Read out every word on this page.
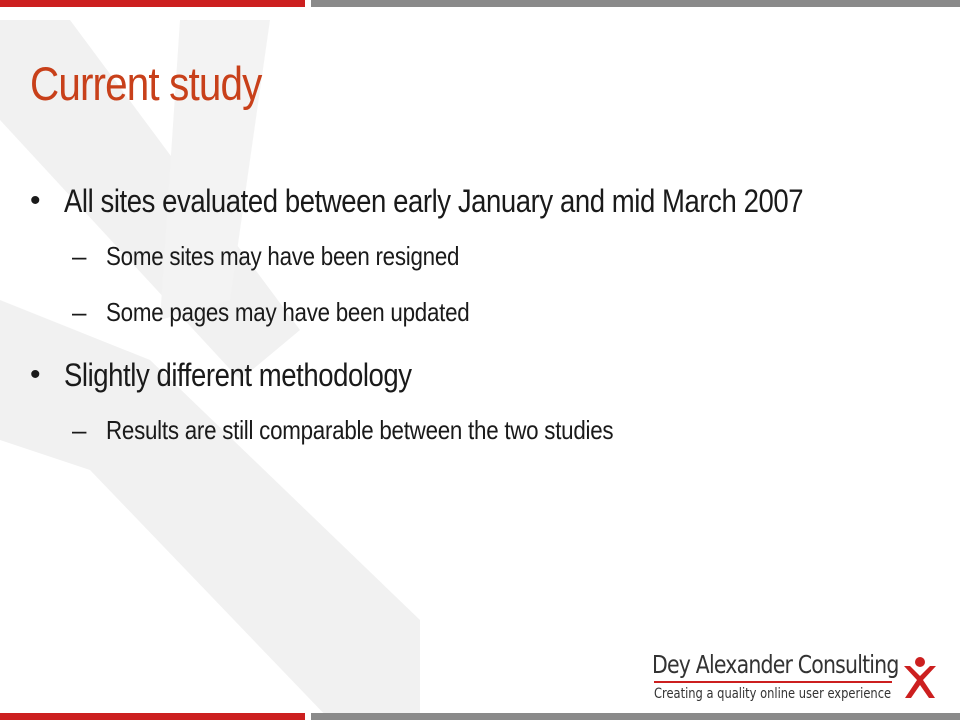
Current study
• All sites evaluated between early January and mid March 2007
– Some sites may have been resigned
– Some pages may have been updated
• Slightly different methodology
– Results are still comparable between the two studies
Dey Alexander Consulting
Creating a quality online user experience
